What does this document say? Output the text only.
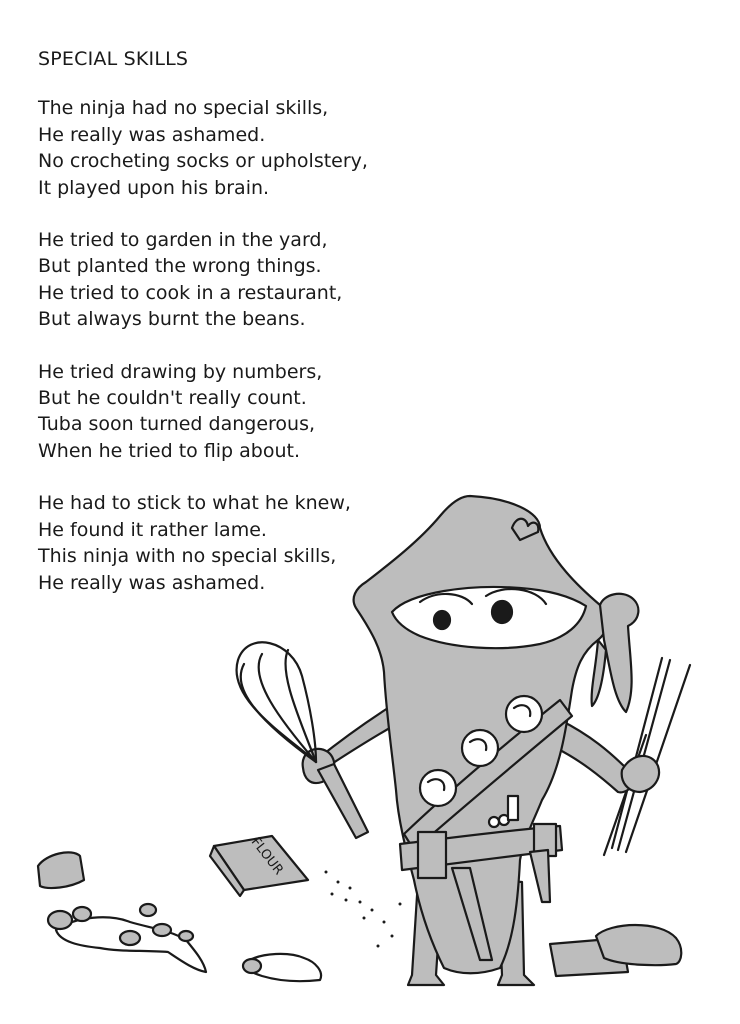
SPECIAL SKILLS
The ninja had no special skills,
He really was ashamed.
No crocheting socks or upholstery,
It played upon his brain.
He tried to garden in the yard,
But planted the wrong things.
He tried to cook in a restaurant,
But always burnt the beans.
He tried drawing by numbers,
But he couldn't really count.
Tuba soon turned dangerous,
When he tried to flip about.
He had to stick to what he knew,
He found it rather lame.
This ninja with no special skills,
He really was ashamed.
FLOUR
